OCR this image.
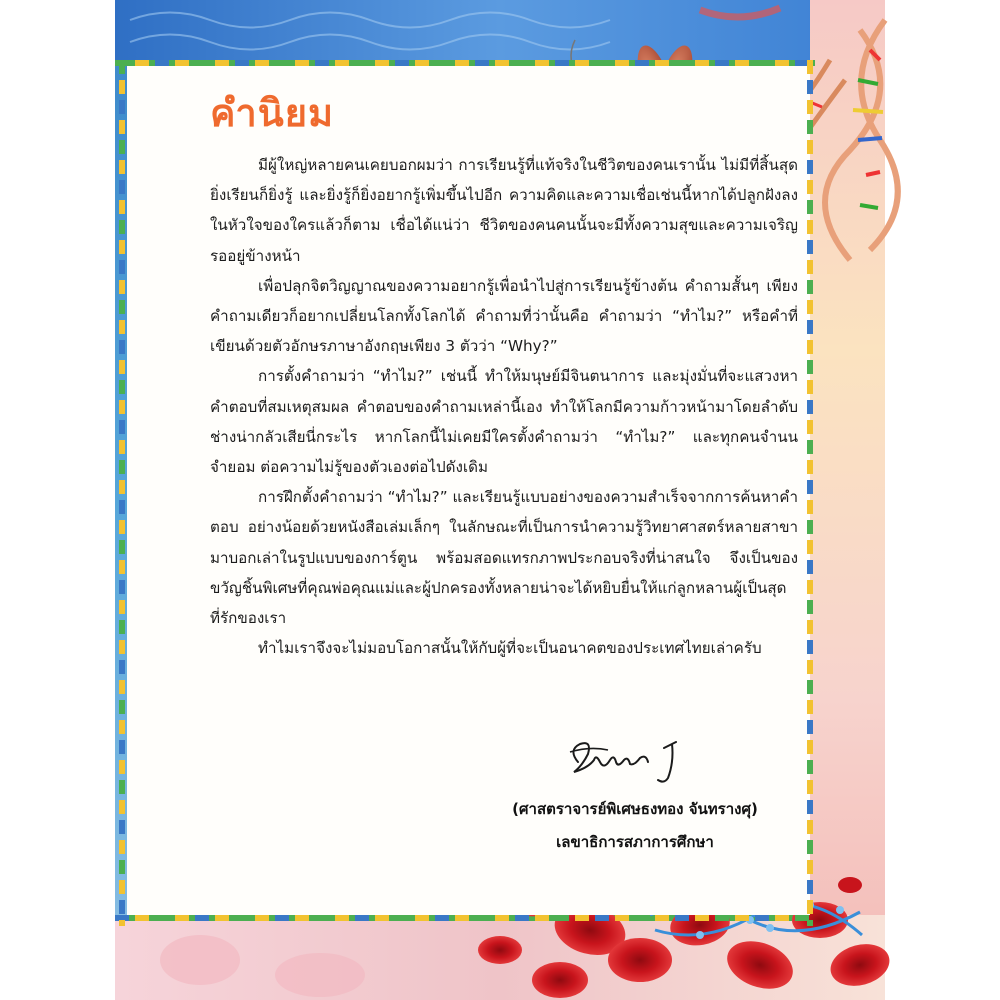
คำนิยม

มีผู้ใหญ่หลายคนเคยบอกผมว่า การเรียนรู้ที่แท้จริงในชีวิตของคนเรานั้น ไม่มีที่สิ้นสุด ยิ่งเรียนก็ยิ่งรู้ และยิ่งรู้ก็ยิ่งอยากรู้เพิ่มขึ้นไปอีก ความคิดและความเชื่อเช่นนี้หากได้ปลูกฝังลงในหัวใจของใครแล้วก็ตาม เชื่อได้แน่ว่า ชีวิตของคนคนนั้นจะมีทั้งความสุขและความเจริญรออยู่ข้างหน้า

เพื่อปลุกจิตวิญญาณของความอยากรู้เพื่อนำไปสู่การเรียนรู้ข้างต้น คำถามสั้นๆ เพียงคำถามเดียวก็อยากเปลี่ยนโลกทั้งโลกได้ คำถามที่ว่านั้นคือ คำถามว่า “ทำไม?” หรือคำที่เขียนด้วยตัวอักษรภาษาอังกฤษเพียง 3 ตัวว่า “Why?”

การตั้งคำถามว่า “ทำไม?” เช่นนี้ ทำให้มนุษย์มีจินตนาการ และมุ่งมั่นที่จะแสวงหาคำตอบที่สมเหตุสมผล คำตอบของคำถามเหล่านี้เอง ทำให้โลกมีความก้าวหน้ามาโดยลำดับ ช่างน่ากลัวเสียนี่กระไร หากโลกนี้ไม่เคยมีใครตั้งคำถามว่า “ทำไม?” และทุกคนจำนน จำยอม ต่อความไม่รู้ของตัวเองต่อไปดังเดิม

การฝึกตั้งคำถามว่า “ทำไม?” และเรียนรู้แบบอย่างของความสำเร็จจากการค้นหาคำตอบ อย่างน้อยด้วยหนังสือเล่มเล็กๆ ในลักษณะที่เป็นการนำความรู้วิทยาศาสตร์หลายสาขามาบอกเล่าในรูปแบบของการ์ตูน พร้อมสอดแทรกภาพประกอบจริงที่น่าสนใจ จึงเป็นของขวัญชิ้นพิเศษที่คุณพ่อคุณแม่และผู้ปกครองทั้งหลายน่าจะได้หยิบยื่นให้แก่ลูกหลานผู้เป็นสุดที่รักของเรา

ทำไมเราจึงจะไม่มอบโอกาสนั้นให้กับผู้ที่จะเป็นอนาคตของประเทศไทยเล่าครับ

(ศาสตราจารย์พิเศษธงทอง จันทรางศุ)

เลขาธิการสภาการศึกษา
